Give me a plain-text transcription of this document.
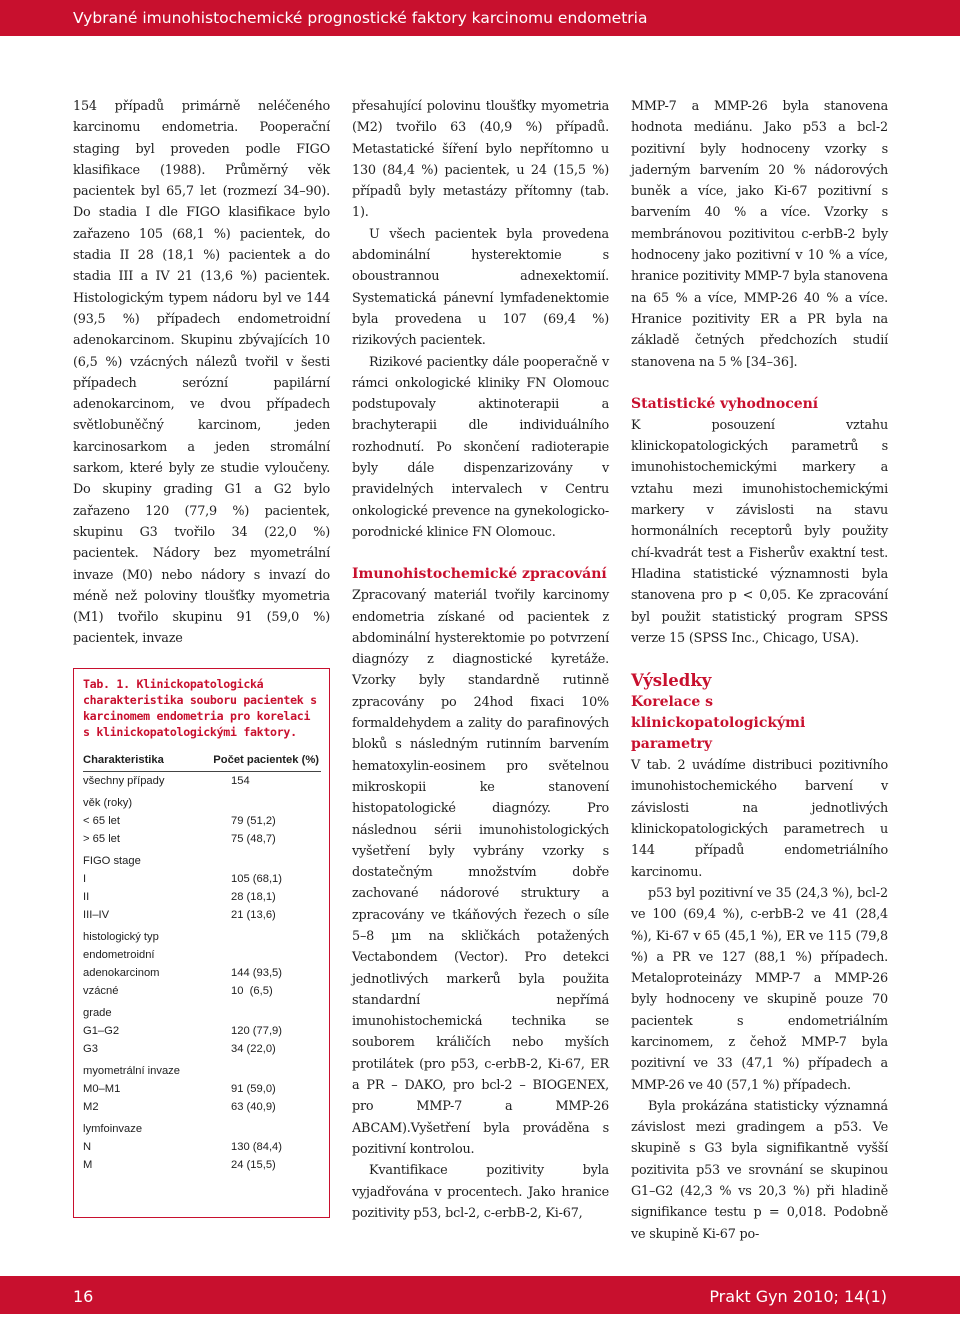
Vybrané imunohistochemické prognostické faktory karcinomu endometria

154 případů primárně neléčeného karcinomu endometria. Pooperační staging byl proveden podle FIGO klasifikace (1988). Průměrný věk pacientek byl 65,7 let (rozmezí 34–90). Do stadia I dle FIGO klasifikace bylo zařazeno 105 (68,1 %) pacientek, do stadia II 28 (18,1 %) pacientek a do stadia III a IV 21 (13,6 %) pacientek. Histologickým typem nádoru byl ve 144 (93,5 %) případech endometroidní adenokarcinom. Skupinu zbývajících 10 (6,5 %) vzácných nálezů tvořil v šesti případech serózní papilární adenokarcinom, ve dvou případech světlobuněčný karcinom, jeden karcinosarkom a jeden stromální sarkom, které byly ze studie vyloučeny. Do skupiny grading G1 a G2 bylo zařazeno 120 (77,9 %) pacientek, skupinu G3 tvořilo 34 (22,0 %) pacientek. Nádory bez myometrální invaze (M0) nebo nádory s invazí do méně než poloviny tloušťky myometria (M1) tvořilo skupinu 91 (59,0 %) pacientek, invaze

Tab. 1. Klinickopatologická charakteristika souboru pacientek s karcinomem endometria pro korelaci s klinickopatologickými faktory.
Charakteristika	Počet pacientek (%)
všechny případy	154
věk (roky)
< 65 let	79 (51,2)
> 65 let	75 (48,7)
FIGO stage
I	105 (68,1)
II	28 (18,1)
III–IV	21 (13,6)
histologický typ
endometroidní
adenokarcinom	144 (93,5)
vzácné	10  (6,5)
grade
G1–G2	120 (77,9)
G3	34 (22,0)
myometrální invaze
M0–M1	91 (59,0)
M2	63 (40,9)
lymfoinvaze
N	130 (84,4)
M	24 (15,5)

přesahující polovinu tloušťky myometria (M2) tvořilo 63 (40,9 %) případů. Metastatické šíření bylo nepřítomno u 130 (84,4 %) pacientek, u 24 (15,5 %) případů byly metastázy přítomny (tab. 1).

U všech pacientek byla provedena abdominální hysterektomie s oboustrannou adnexektomií. Systematická pánevní lymfadenektomie byla provedena u 107 (69,4 %) rizikových pacientek.

Rizikové pacientky dále pooperačně v rámci onkologické kliniky FN Olomouc podstupovaly aktinoterapii a brachyterapii dle individuálního rozhodnutí. Po skončení radioterapie byly dále dispenzarizovány v pravidelných intervalech v Centru onkologické prevence na gynekologicko-porodnické klinice FN Olomouc.

Imunohistochemické zpracování

Zpracovaný materiál tvořily karcinomy endometria získané od pacientek z abdominální hysterektomie po potvrzení diagnózy z diagnostické kyretáže. Vzorky byly standardně rutinně zpracovány po 24hod fixaci 10% formaldehydem a zality do parafinových bloků s následným rutinním barvením hematoxylin-eosinem pro světelnou mikroskopii ke stanovení histopatologické diagnózy. Pro následnou sérii imunohistologických vyšetření byly vybrány vzorky s dostatečným množstvím dobře zachované nádorové struktury a zpracovány ve tkáňových řezech o síle 5–8 µm na skličkách potažených Vectabondem (Vector). Pro detekci jednotlivých markerů byla použita standardní nepřímá imunohistochemická technika se souborem králičích nebo myších protilátek (pro p53, c-erbB-2, Ki-67, ER a PR – DAKO, pro bcl-2 – BIOGENEX, pro MMP-7 a MMP-26 ABCAM).Vyšetření byla prováděna s pozitivní kontrolou.

Kvantifikace pozitivity byla vyjadřována v procentech. Jako hranice pozitivity p53, bcl-2, c-erbB-2, Ki-67,

MMP-7 a MMP-26 byla stanovena hodnota mediánu. Jako p53 a bcl-2 pozitivní byly hodnoceny vzorky s jaderným barvením 20 % nádorových buněk a více, jako Ki-67 pozitivní s barvením 40 % a více. Vzorky s membránovou pozitivitou c-erbB-2 byly hodnoceny jako pozitivní v 10 % a více, hranice pozitivity MMP-7 byla stanovena na 65 % a více, MMP-26 40 % a více. Hranice pozitivity ER a PR byla na základě četných předchozích studií stanovena na 5 % [34–36].

Statistické vyhodnocení

K posouzení vztahu klinickopatologických parametrů s imunohistochemickými markery a vztahu mezi imunohistochemickými markery v závislosti na stavu hormonálních receptorů byly použity chí-kvadrát test a Fisherův exaktní test. Hladina statistické významnosti byla stanovena pro p < 0,05. Ke zpracování byl použit statistický program SPSS verze 15 (SPSS Inc., Chicago, USA).

Výsledky
Korelace s klinickopatologickými parametry

V tab. 2 uvádíme distribuci pozitivního imunohistochemického barvení v závislosti na jednotlivých klinickopatologických parametrech u 144 případů endometriálního karcinomu.

p53 byl pozitivní ve 35 (24,3 %), bcl-2 ve 100 (69,4 %), c-erbB-2 ve 41 (28,4 %), Ki-67 v 65 (45,1 %), ER ve 115 (79,8 %) a PR ve 127 (88,1 %) případech. Metaloproteinázy MMP-7 a MMP-26 byly hodnoceny ve skupině pouze 70 pacientek s endometriálním karcinomem, z čehož MMP-7 byla pozitivní ve 33 (47,1 %) případech a MMP-26 ve 40 (57,1 %) případech.

Byla prokázána statisticky významná závislost mezi gradingem a p53. Ve skupině s G3 byla signifikantně vyšší pozitivita p53 ve srovnání se skupinou G1–G2 (42,3 % vs 20,3 %) při hladině signifikance testu p = 0,018. Podobně ve skupině Ki-67 po-

16	Prakt Gyn 2010; 14(1)
